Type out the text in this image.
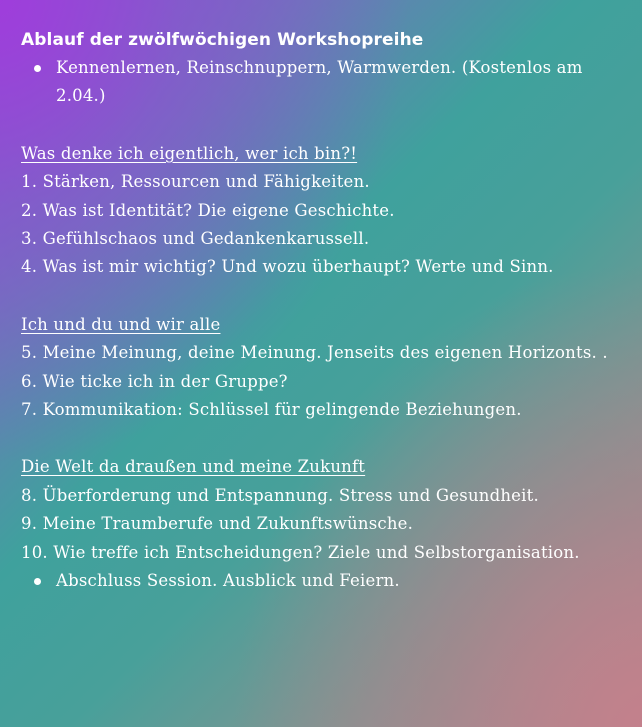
Ablauf der zwölfwöchigen Workshopreihe
Kennenlernen, Reinschnuppern, Warmwerden. (Kostenlos am 2.04.)
Was denke ich eigentlich, wer ich bin?!
1. Stärken, Ressourcen und Fähigkeiten.
2. Was ist Identität? Die eigene Geschichte.
3. Gefühlschaos und Gedankenkarussell.
4. Was ist mir wichtig? Und wozu überhaupt? Werte und Sinn.
Ich und du und wir alle
5. Meine Meinung, deine Meinung. Jenseits des eigenen Horizonts. .
6. Wie ticke ich in der Gruppe?
7. Kommunikation: Schlüssel für gelingende Beziehungen.
Die Welt da draußen und meine Zukunft
8. Überforderung und Entspannung. Stress und Gesundheit.
9. Meine Traumberufe und Zukunftswünsche.
10. Wie treffe ich Entscheidungen? Ziele und Selbstorganisation.
Abschluss Session. Ausblick und Feiern.
